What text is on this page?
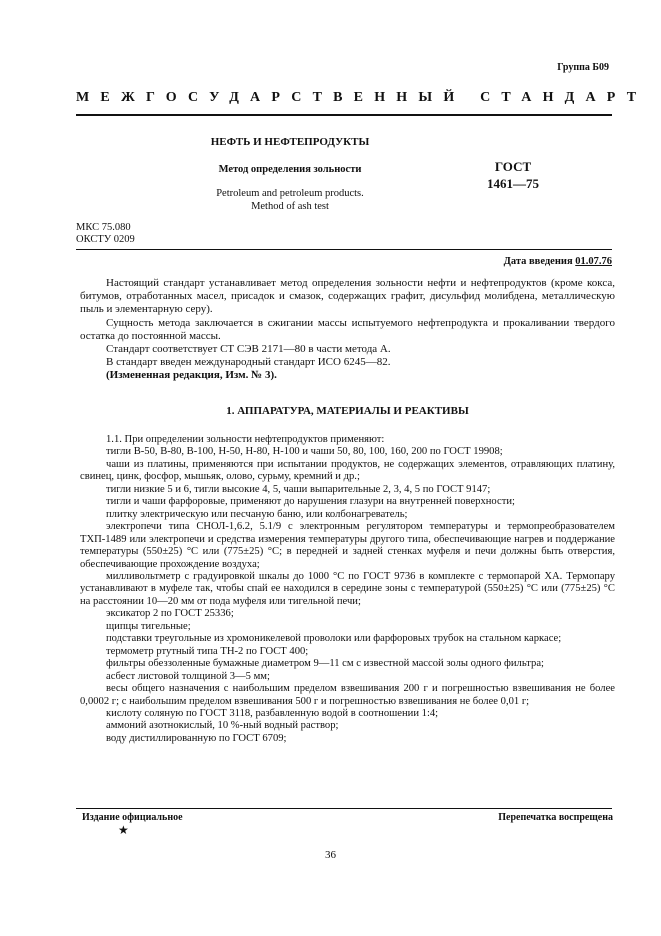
Группа Б09
МЕЖГОСУДАРСТВЕННЫЙ СТАНДАРТ
НЕФТЬ И НЕФТЕПРОДУКТЫ
Метод определения зольности
Petroleum and petroleum products.
Method of ash test
ГОСТ
1461—75
МКС 75.080
ОКСТУ 0209
Дата введения 01.07.76

Настоящий стандарт устанавливает метод определения зольности нефти и нефтепродуктов (кроме кокса, битумов, отработанных масел, присадок и смазок, содержащих графит, дисульфид молибдена, металлическую пыль и элементарную серу).

Сущность метода заключается в сжигании массы испытуемого нефтепродукта и прокаливании твердого остатка до постоянной массы.

Стандарт соответствует СТ СЭВ 2171—80 в части метода А.

В стандарт введен международный стандарт ИСО 6245—82.

(Измененная редакция, Изм. № 3).

1. АППАРАТУРА, МАТЕРИАЛЫ И РЕАКТИВЫ

1.1. При определении зольности нефтепродуктов применяют:

тигли В-50, В-80, В-100, Н-50, Н-80, Н-100 и чаши 50, 80, 100, 160, 200 по ГОСТ 19908;

чаши из платины, применяются при испытании продуктов, не содержащих элементов, отравляющих платину, свинец, цинк, фосфор, мышьяк, олово, сурьму, кремний и др.;

тигли низкие 5 и 6, тигли высокие 4, 5, чаши выпарительные 2, 3, 4, 5 по ГОСТ 9147;

тигли и чаши фарфоровые, применяют до нарушения глазури на внутренней поверхности;

плитку электрическую или песчаную баню, или колбонагреватель;

электропечи типа СНОЛ-1,6.2, 5.1/9 с электронным регулятором температуры и термопреобразователем ТХП-1489 или электропечи и средства измерения температуры другого типа, обеспечивающие нагрев и поддержание температуры (550±25) °С или (775±25) °С; в передней и задней стенках муфеля и печи должны быть отверстия, обеспечивающие прохождение воздуха;

милливольтметр с градуировкой шкалы до 1000 °С по ГОСТ 9736 в комплекте с термопарой ХА. Термопару устанавливают в муфеле так, чтобы спай ее находился в середине зоны с температурой (550±25) °С или (775±25) °С на расстоянии 10—20 мм от пода муфеля или тигельной печи;

эксикатор 2 по ГОСТ 25336;

щипцы тигельные;

подставки треугольные из хромоникелевой проволоки или фарфоровых трубок на стальном каркасе;

термометр ртутный типа ТН-2 по ГОСТ 400;

фильтры обеззоленные бумажные диаметром 9—11 см с известной массой золы одного фильтра;

асбест листовой толщиной 3—5 мм;

весы общего назначения с наибольшим пределом взвешивания 200 г и погрешностью взвешивания не более 0,0002 г; с наибольшим пределом взвешивания 500 г и погрешностью взвешивания не более 0,01 г;

кислоту соляную по ГОСТ 3118, разбавленную водой в соотношении 1:4;

аммоний азотнокислый, 10 %-ный водный раствор;

воду дистиллированную по ГОСТ 6709;

Издание официальное
★
Перепечатка воспрещена
36
